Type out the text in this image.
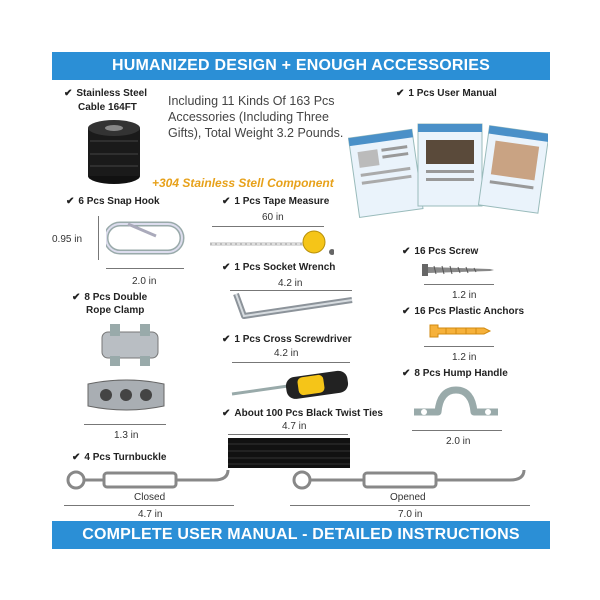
HUMANIZED DESIGN + ENOUGH ACCESSORIES
COMPLETE USER MANUAL - DETAILED INSTRUCTIONS
✔ Stainless Steel
Cable 164FT Including 11 Kinds Of 163 Pcs Accessories (Including Three Gifts), Total Weight 3.2 Pounds.
+304 Stainless Stell Component
✔ 1 Pcs User Manual
✔ 6 Pcs Snap Hook
0.95 in
2.0 in
✔ 1 Pcs Tape Measure
60 in
✔ 1 Pcs Socket Wrench
4.2 in
✔ 16 Pcs Screw
1.2 in
✔ 8 Pcs Double
Rope Clamp
1.3 in
✔ 16 Pcs Plastic Anchors
1.2 in
✔ 1 Pcs Cross Screwdriver
4.2 in
✔ 8 Pcs Hump Handle
2.0 in
✔ About 100 Pcs Black Twist Ties
4.7 in
✔ 4 Pcs Turnbuckle
Closed
4.7 in
Opened
7.0 in
